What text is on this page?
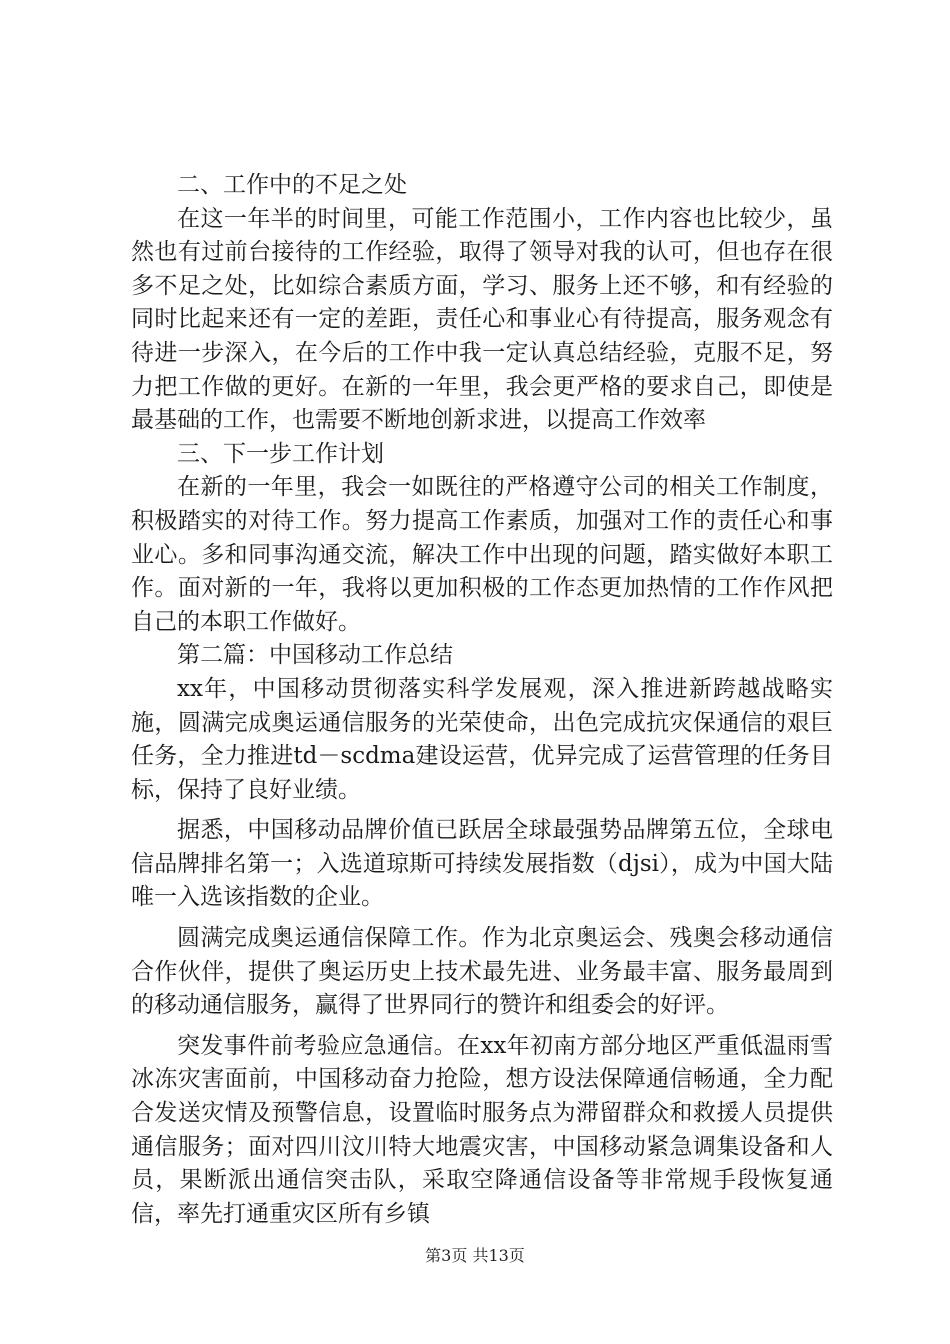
二、工作中的不足之处

在这一年半的时间里，可能工作范围小，工作内容也比较少，虽然也有过前台接待的工作经验，取得了领导对我的认可，但也存在很多不足之处，比如综合素质方面，学习、服务上还不够，和有经验的同时比起来还有一定的差距，责任心和事业心有待提高，服务观念有待进一步深入，在今后的工作中我一定认真总结经验，克服不足，努力把工作做的更好。在新的一年里，我会更严格的要求自己，即使是最基础的工作，也需要不断地创新求进，以提高工作效率

三、下一步工作计划

在新的一年里，我会一如既往的严格遵守公司的相关工作制度，积极踏实的对待工作。努力提高工作素质，加强对工作的责任心和事业心。多和同事沟通交流，解决工作中出现的问题，踏实做好本职工作。面对新的一年，我将以更加积极的工作态更加热情的工作作风把自己的本职工作做好。

第二篇：中国移动工作总结

xx年，中国移动贯彻落实科学发展观，深入推进新跨越战略实施，圆满完成奥运通信服务的光荣使命，出色完成抗灾保通信的艰巨任务，全力推进td－scdma建设运营，优异完成了运营管理的任务目标，保持了良好业绩。

据悉，中国移动品牌价值已跃居全球最强势品牌第五位，全球电信品牌排名第一；入选道琼斯可持续发展指数（djsi），成为中国大陆唯一入选该指数的企业。

圆满完成奥运通信保障工作。作为北京奥运会、残奥会移动通信合作伙伴，提供了奥运历史上技术最先进、业务最丰富、服务最周到的移动通信服务，赢得了世界同行的赞许和组委会的好评。

突发事件前考验应急通信。在xx年初南方部分地区严重低温雨雪冰冻灾害面前，中国移动奋力抢险，想方设法保障通信畅通，全力配合发送灾情及预警信息，设置临时服务点为滞留群众和救援人员提供通信服务；面对四川汶川特大地震灾害，中国移动紧急调集设备和人员，果断派出通信突击队，采取空降通信设备等非常规手段恢复通信，率先打通重灾区所有乡镇

第3页 共13页
